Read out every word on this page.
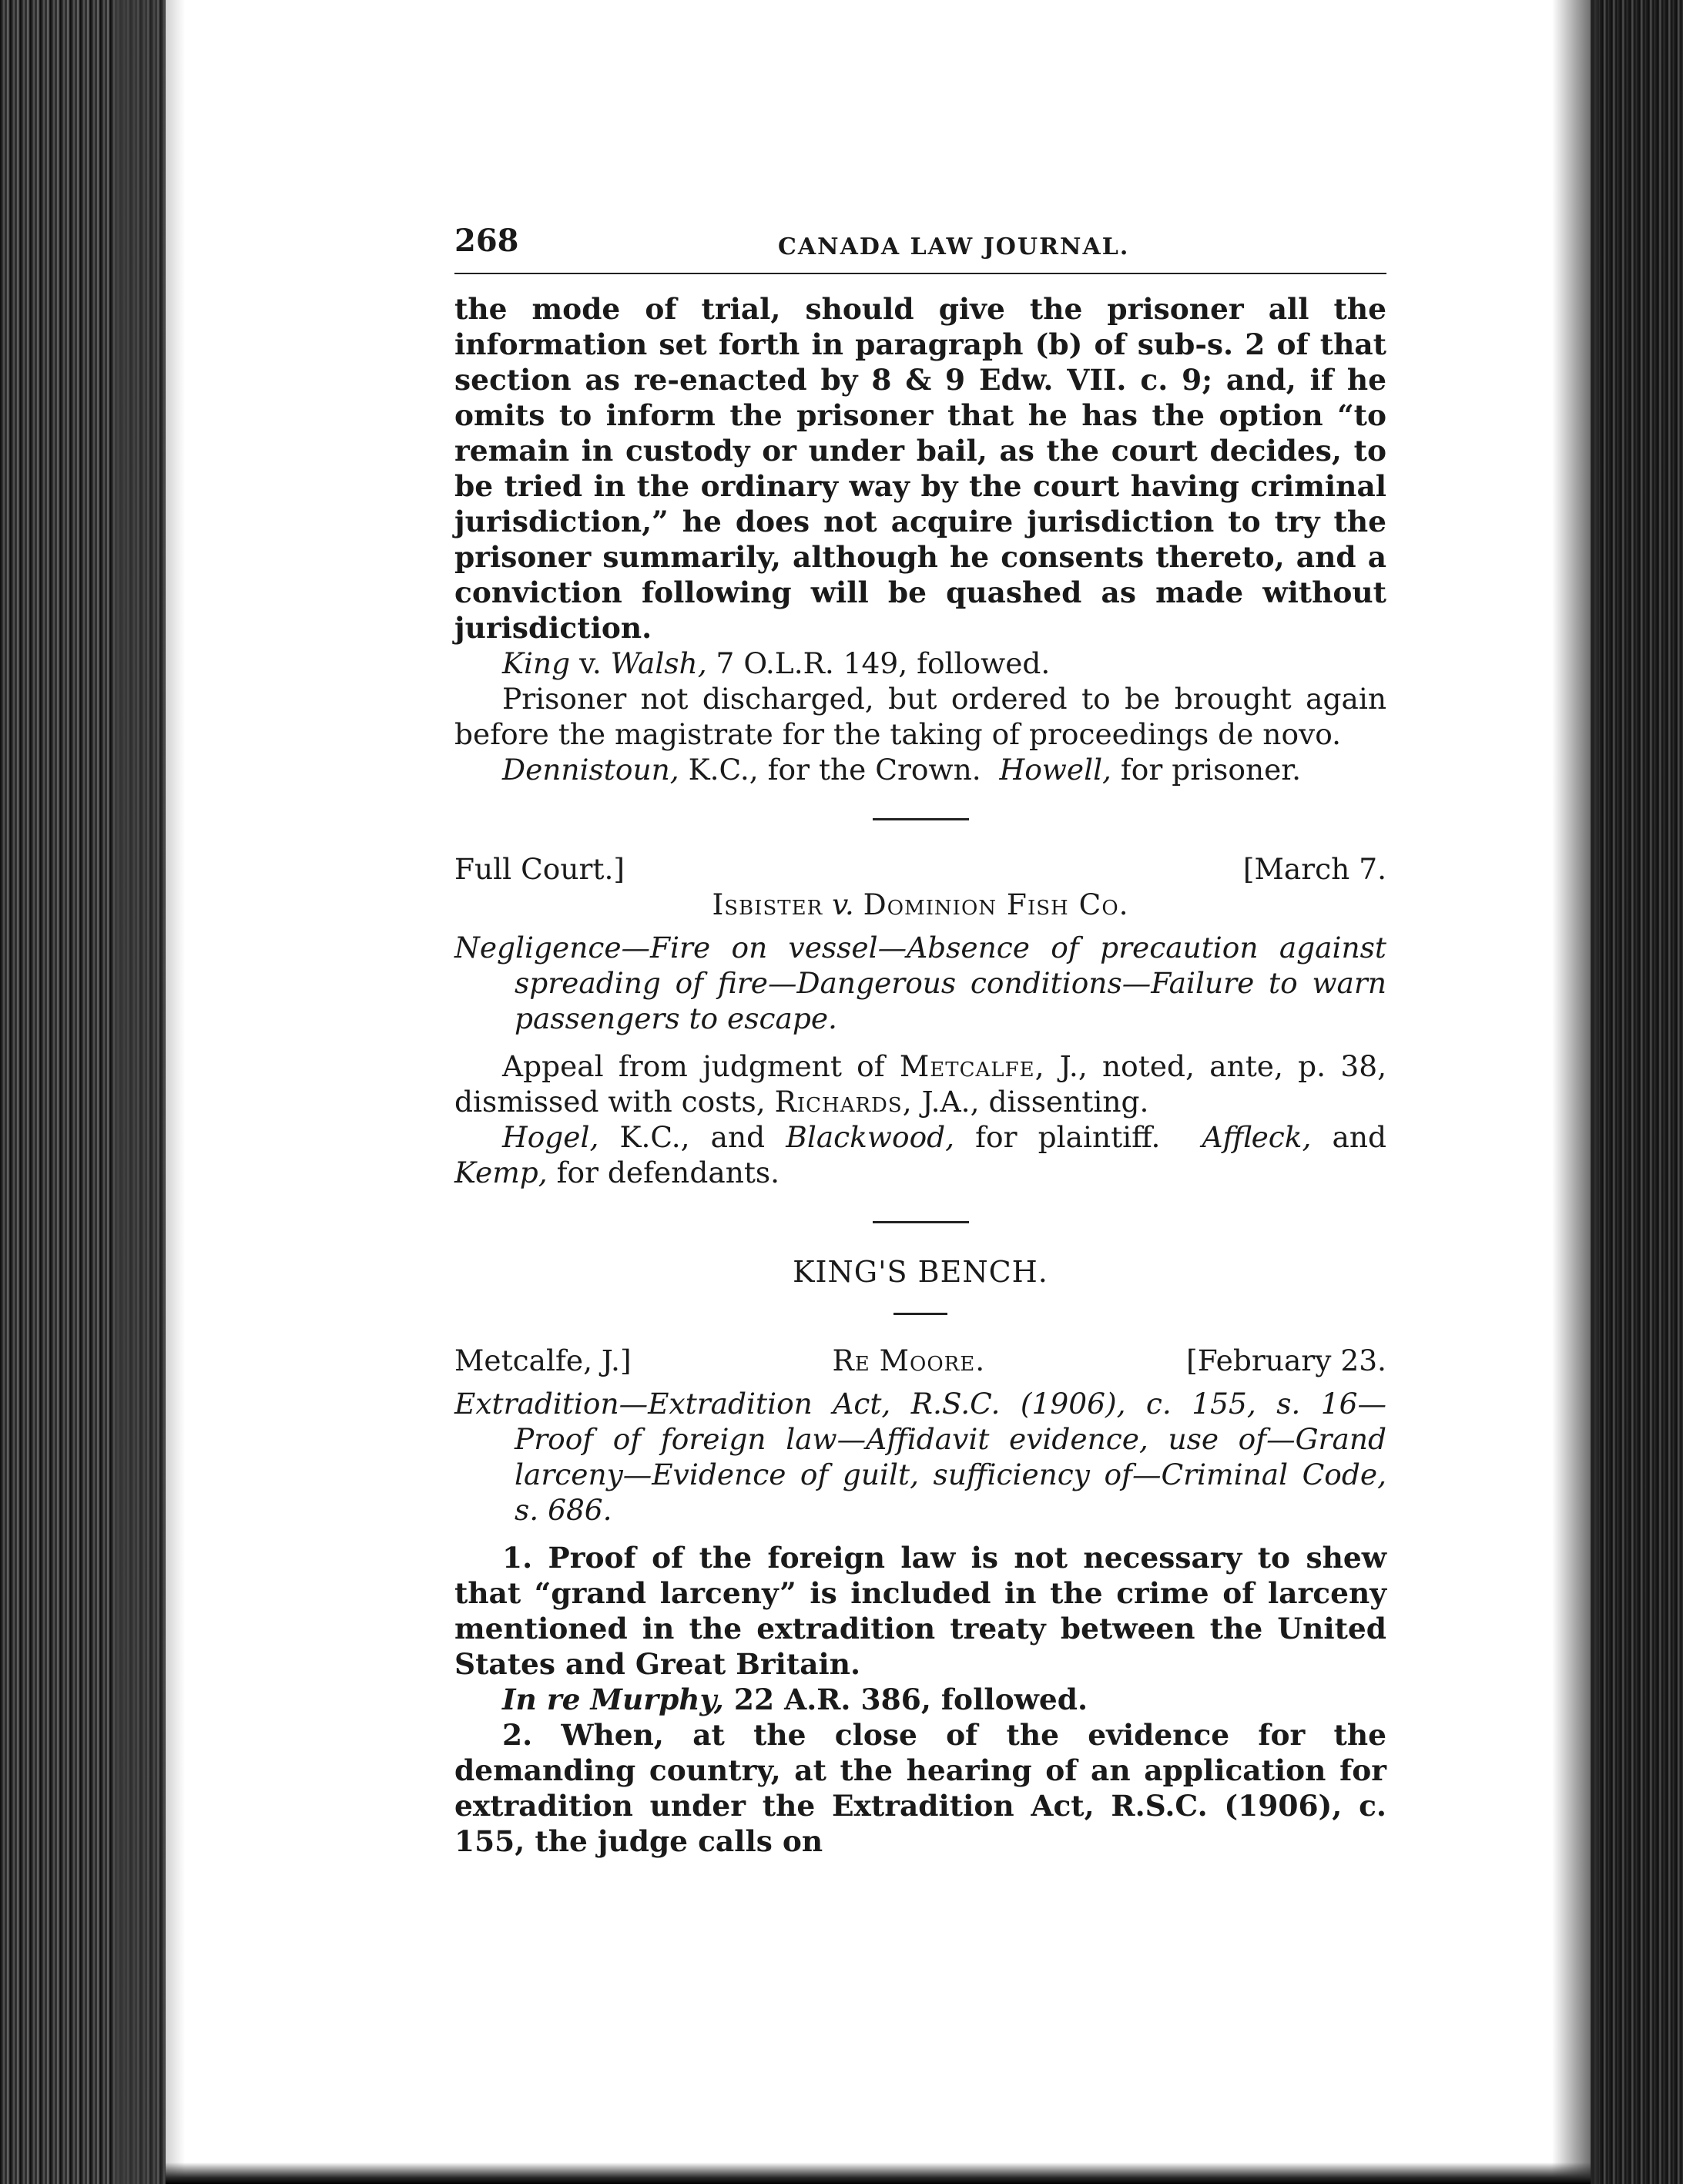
268	CANADA LAW JOURNAL.

the mode of trial, should give the prisoner all the information set forth in paragraph (b) of sub-s. 2 of that section as re-enacted by 8 & 9 Edw. VII. c. 9; and, if he omits to inform the prisoner that he has the option “to remain in custody or under bail, as the court decides, to be tried in the ordinary way by the court having criminal jurisdiction,” he does not acquire jurisdiction to try the prisoner summarily, although he consents thereto, and a conviction following will be quashed as made without jurisdiction.

King v. Walsh, 7 O.L.R. 149, followed.

Prisoner not discharged, but ordered to be brought again before the magistrate for the taking of proceedings de novo.

Dennistoun, K.C., for the Crown. Howell, for prisoner.

Full Court.]	[March 7.
Isbister v. Dominion Fish Co.

Negligence—Fire on vessel—Absence of precaution against spreading of fire—Dangerous conditions—Failure to warn passengers to escape.

Appeal from judgment of Metcalfe, J., noted, ante, p. 38, dismissed with costs, Richards, J.A., dissenting.

Hogel, K.C., and Blackwood, for plaintiff. Affleck, and Kemp, for defendants.

KING'S BENCH.
Metcalfe, J.]	Re Moore.	[February 23.

Extradition—Extradition Act, R.S.C. (1906), c. 155, s. 16—Proof of foreign law—Affidavit evidence, use of—Grand larceny—Evidence of guilt, sufficiency of—Criminal Code, s. 686.

1. Proof of the foreign law is not necessary to shew that “grand larceny” is included in the crime of larceny mentioned in the extradition treaty between the United States and Great Britain.

In re Murphy, 22 A.R. 386, followed.

2. When, at the close of the evidence for the demanding country, at the hearing of an application for extradition under the Extradition Act, R.S.C. (1906), c. 155, the judge calls on
